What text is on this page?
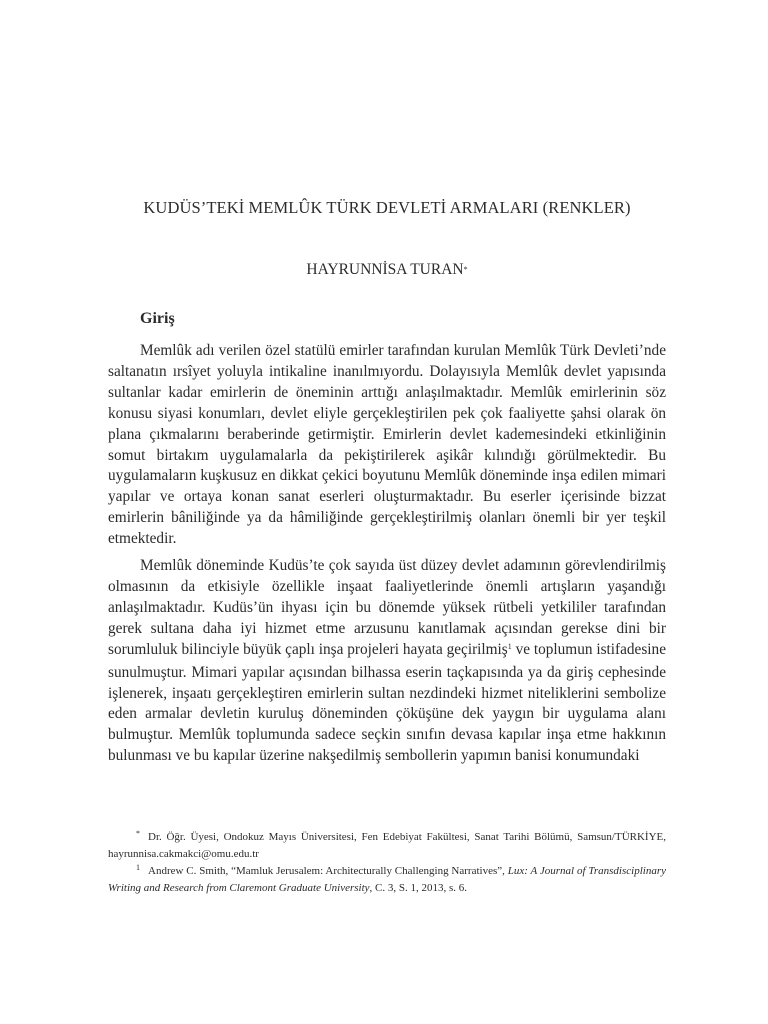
KUDÜS’TEKİ MEMLÛK TÜRK DEVLETİ ARMALARI (RENKLER)
HAYRUNNİSA TURAN*
Giriş

Memlûk adı verilen özel statülü emirler tarafından kurulan Memlûk Türk Devleti’nde saltanatın ırsîyet yoluyla intikaline inanılmıyordu. Dolayısıyla Memlûk devlet yapısında sultanlar kadar emirlerin de öneminin arttığı anlaşılmaktadır. Memlûk emirlerinin söz konusu siyasi konumları, devlet eliyle gerçekleştirilen pek çok faaliyette şahsi olarak ön plana çıkmalarını beraberinde getirmiştir. Emirlerin devlet kademesindeki etkinliğinin somut birtakım uygulamalarla da pekiştirilerek aşikâr kılındığı görülmektedir. Bu uygulamaların kuşkusuz en dikkat çekici boyutunu Memlûk döneminde inşa edilen mimari yapılar ve ortaya konan sanat eserleri oluşturmaktadır. Bu eserler içerisinde bizzat emirlerin bâniliğinde ya da hâmiliğinde gerçekleştirilmiş olanları önemli bir yer teşkil etmektedir.

Memlûk döneminde Kudüs’te çok sayıda üst düzey devlet adamının görevlendirilmiş olmasının da etkisiyle özellikle inşaat faaliyetlerinde önemli artışların yaşandığı anlaşılmaktadır. Kudüs’ün ihyası için bu dönemde yüksek rütbeli yetkililer tarafından gerek sultana daha iyi hizmet etme arzusunu kanıtlamak açısından gerekse dini bir sorumluluk bilinciyle büyük çaplı inşa projeleri hayata geçirilmiş$^1$ ve toplumun istifadesine sunulmuştur. Mimari yapılar açısından bilhassa eserin taçkapısında ya da giriş cephesinde işlenerek, inşaatı gerçekleştiren emirlerin sultan nezdindeki hizmet niteliklerini sembolize eden armalar devletin kuruluş döneminden çöküşüne dek yaygın bir uygulama alanı bulmuştur. Memlûk toplumunda sadece seçkin sınıfın devasa kapılar inşa etme hakkının bulunması ve bu kapılar üzerine nakşedilmiş sembollerin yapımın banisi konumundaki

* Dr. Öğr. Üyesi, Ondokuz Mayıs Üniversitesi, Fen Edebiyat Fakültesi, Sanat Tarihi Bölümü, Samsun/TÜRKİYE, hayrunnisa.cakmakci@omu.edu.tr

$^1$ Andrew C. Smith, “Mamluk Jerusalem: Architecturally Challenging Narratives”, Lux: A Journal of Transdisciplinary Writing and Research from Claremont Graduate University, C. 3, S. 1, 2013, s. 6.
